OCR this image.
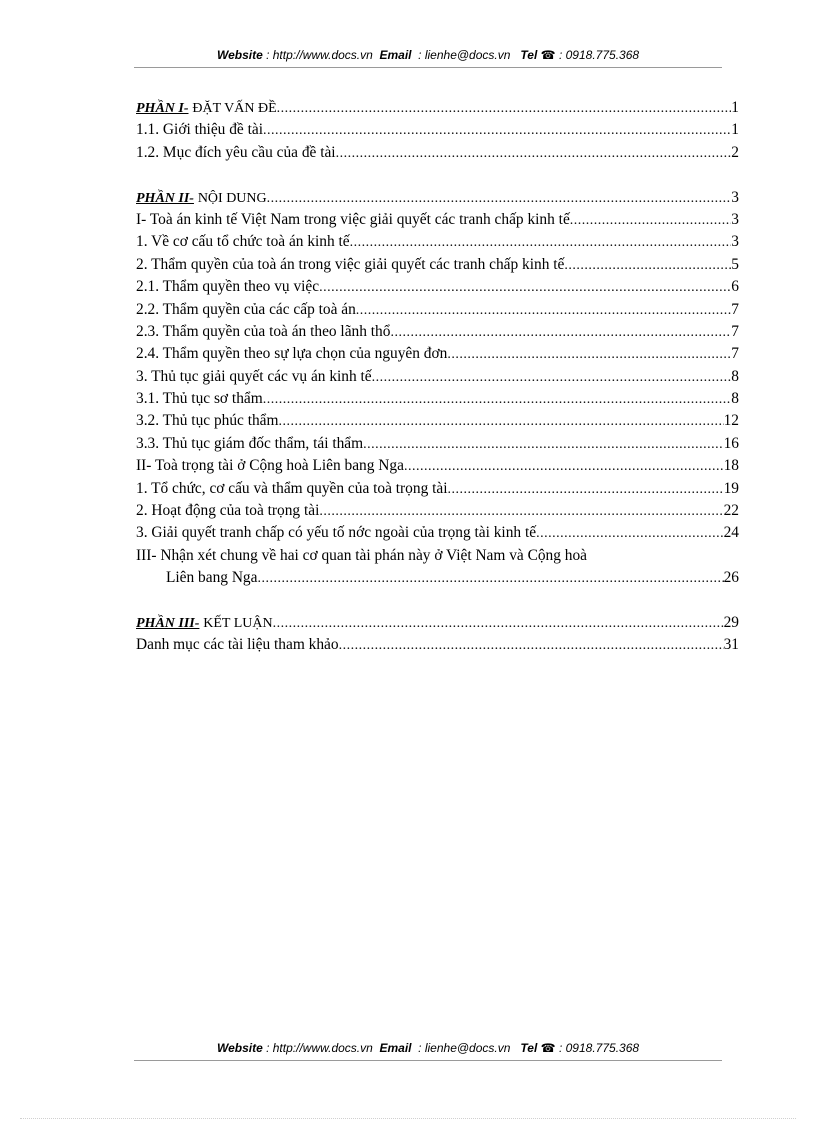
Website : http://www.docs.vn Email : lienhe@docs.vn Tel ☎ : 0918.775.368
PHẦN I- ĐẶT VẤN ĐỀ .....	1
1.1. Giới thiệu đề tài .....	1
1.2. Mục đích yêu cầu của đề tài .....	2
PHẦN II- NỘI DUNG .....	3
I- Toà án kinh tế Việt Nam trong việc giải quyết các tranh chấp kinh tế .....	3
1. Về cơ cấu tổ chức toà án kinh tế .....	3
2. Thẩm quyền của toà án trong việc giải quyết các tranh chấp kinh tế .....	5
2.1. Thẩm quyền theo vụ việc .....	6
2.2. Thẩm quyền của các cấp toà án .....	7
2.3. Thẩm quyền của toà án theo lãnh thổ .....	7
2.4. Thẩm quyền theo sự lựa chọn của nguyên đơn .....	7
3. Thủ tục giải quyết các vụ án kinh tế .....	8
3.1. Thủ tục sơ thẩm .....	8
3.2. Thủ tục phúc thẩm .....	12
3.3. Thủ tục giám đốc thẩm, tái thẩm .....	16
II- Toà trọng tài ở Cộng hoà Liên bang Nga .....	18
1. Tổ chức, cơ cấu và thẩm quyền của toà trọng tài .....	19
2. Hoạt động của toà trọng tài .....	22
3. Giải quyết tranh chấp có yếu tố nớc ngoài của trọng tài kinh tế .....	24
III- Nhận xét chung về hai cơ quan tài phán này ở Việt Nam và Cộng hoà
Liên bang Nga .....	26
PHẦN III- KẾT LUẬN .....	29
Danh mục các tài liệu tham khảo .....	31
Website : http://www.docs.vn Email : lienhe@docs.vn Tel ☎ : 0918.775.368
